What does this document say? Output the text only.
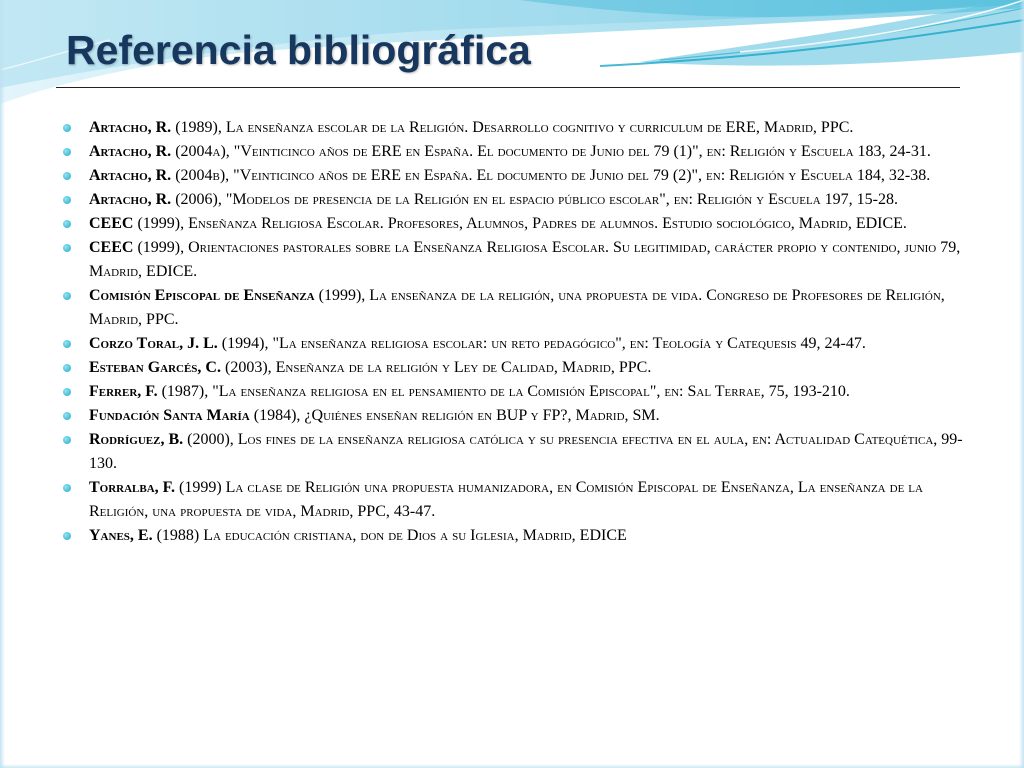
Referencia bibliográfica
Artacho, R. (1989), La enseñanza escolar de la Religión. Desarrollo cognitivo y curriculum de ERE, Madrid, PPC.
Artacho, R. (2004a), "Veinticinco años de ERE en España. El documento de Junio del 79 (1)", en: Religión y Escuela 183, 24-31.
Artacho, R. (2004b), "Veinticinco años de ERE en España. El documento de Junio del 79 (2)", en: Religión y Escuela 184, 32-38.
Artacho, R. (2006), "Modelos de presencia de la Religión en el espacio público escolar", en: Religión y Escuela 197, 15-28.
CEEC (1999), Enseñanza Religiosa Escolar. Profesores, Alumnos, Padres de alumnos. Estudio sociológico, Madrid, EDICE.
CEEC (1999), Orientaciones pastorales sobre la Enseñanza Religiosa Escolar. Su legitimidad, carácter propio y contenido, junio 79, Madrid, EDICE.
Comisión Episcopal de Enseñanza (1999), La enseñanza de la religión, una propuesta de vida. Congreso de Profesores de Religión, Madrid, PPC.
Corzo Toral, J. L. (1994), "La enseñanza religiosa escolar: un reto pedagógico", en: Teología y Catequesis 49, 24-47.
Esteban Garcés, C. (2003), Enseñanza de la religión y Ley de Calidad, Madrid, PPC.
Ferrer, F. (1987), "La enseñanza religiosa en el pensamiento de la Comisión Episcopal", en: Sal Terrae, 75, 193-210.
Fundación Santa María (1984), ¿Quiénes enseñan religión en BUP y FP?, Madrid, SM.
Rodríguez, B. (2000), Los fines de la enseñanza religiosa católica y su presencia efectiva en el aula, en: Actualidad Catequética, 99-130.
Torralba, F. (1999) La clase de Religión una propuesta humanizadora, en Comisión Episcopal de Enseñanza, La enseñanza de la Religión, una propuesta de vida, Madrid, PPC, 43-47.
Yanes, E. (1988) La educación cristiana, don de Dios a su Iglesia, Madrid, EDICE
